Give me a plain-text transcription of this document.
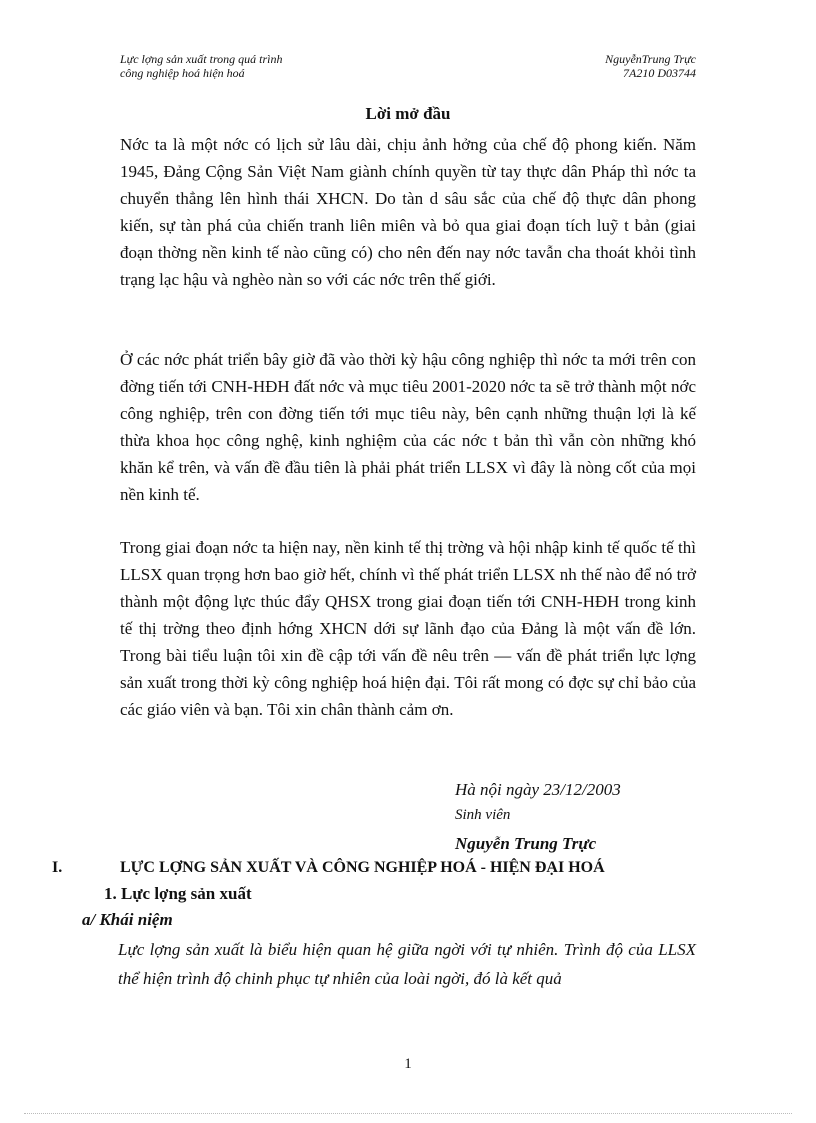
Lực lợng sản xuất trong quá trình
công nghiệp hoá hiện hoá
NguyễnTrung Trực
7A210 D03744
Lời mở đầu

Nớc ta là một nớc có lịch sử lâu dài, chịu ảnh hởng của chế độ phong kiến. Năm 1945, Đảng Cộng Sản Việt Nam giành chính quyền từ tay thực dân Pháp thì nớc ta chuyển thẳng lên hình thái XHCN. Do tàn d sâu sắc của chế độ thực dân phong kiến, sự tàn phá của chiến tranh liên miên và bỏ qua giai đoạn tích luỹ t bản (giai đoạn thờng nền kinh tế nào cũng có) cho nên đến nay nớc tavẫn cha thoát khỏi tình trạng lạc hậu và nghèo nàn so với các nớc trên thế giới.

Ở các nớc phát triển bây giờ đã vào thời kỳ hậu công nghiệp thì nớc ta mới trên con đờng tiến tới CNH-HĐH đất nớc và mục tiêu 2001-2020 nớc ta sẽ trở thành một nớc công nghiệp, trên con đờng tiến tới mục tiêu này, bên cạnh những thuận lợi là kế thừa khoa học công nghệ, kinh nghiệm của các nớc t bản thì vẫn còn những khó khăn kể trên, và vấn đề đầu tiên là phải phát triển LLSX vì đây là nòng cốt của mọi nền kinh tế.

Trong giai đoạn nớc ta hiện nay, nền kinh tế thị trờng và hội nhập kinh tế quốc tế thì LLSX quan trọng hơn bao giờ hết, chính vì thế phát triển LLSX nh thế nào để nó trở thành một động lực thúc đẩy QHSX trong giai đoạn tiến tới CNH-HĐH trong kinh tế thị trờng theo định hớng XHCN dới sự lãnh đạo của Đảng là một vấn đề lớn. Trong bài tiểu luận tôi xin đề cập tới vấn đề nêu trên — vấn đề phát triển lực lợng sản xuất trong thời kỳ công nghiệp hoá hiện đại. Tôi rất mong có đợc sự chỉ bảo của các giáo viên và bạn. Tôi xin chân thành cảm ơn.

Hà nội ngày 23/12/2003
Sinh viên
Nguyễn Trung Trực
I.	LỰC LỢNG SẢN XUẤT VÀ CÔNG NGHIỆP HOÁ - HIỆN ĐẠI HOÁ
1. Lực lợng sản xuất
a/ Khái niệm

Lực lợng sản xuất là biểu hiện quan hệ giữa ngời với tự nhiên. Trình độ của LLSX thể hiện trình độ chinh phục tự nhiên của loài ngời, đó là kết quả

1
